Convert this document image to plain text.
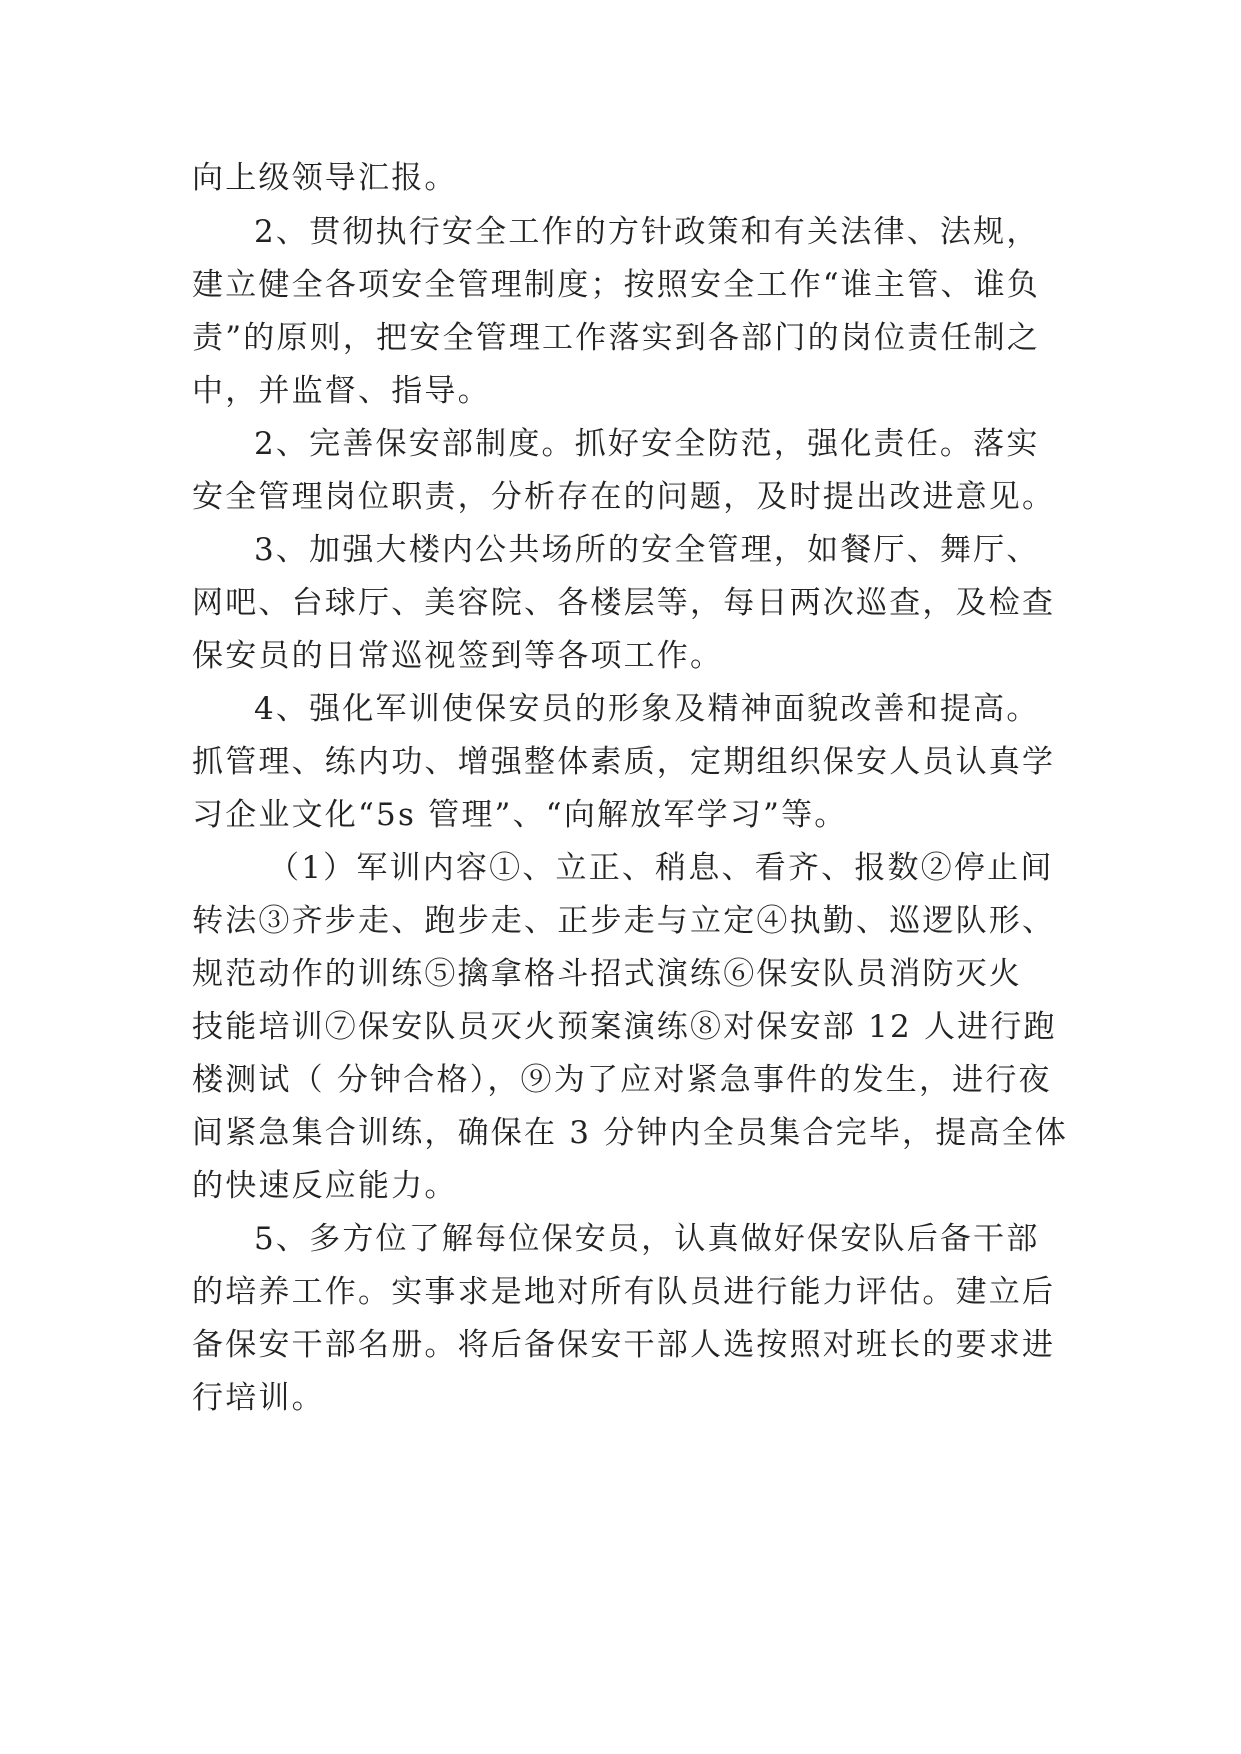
向上级领导汇报。
2、贯彻执行安全工作的方针政策和有关法律、法规，
建立健全各项安全管理制度；按照安全工作“谁主管、谁负
责”的原则，把安全管理工作落实到各部门的岗位责任制之
中，并监督、指导。
2、完善保安部制度。抓好安全防范，强化责任。落实
安全管理岗位职责，分析存在的问题，及时提出改进意见。
3、加强大楼内公共场所的安全管理，如餐厅、舞厅、
网吧、台球厅、美容院、各楼层等，每日两次巡查，及检查
保安员的日常巡视签到等各项工作。
4、强化军训使保安员的形象及精神面貌改善和提高。
抓管理、练内功、增强整体素质，定期组织保安人员认真学
习企业文化“5s 管理”、“向解放军学习”等。
（1）军训内容①、立正、稍息、看齐、报数②停止间
转法③齐步走、跑步走、正步走与立定④执勤、巡逻队形、
规范动作的训练⑤擒拿格斗招式演练⑥保安队员消防灭火
技能培训⑦保安队员灭火预案演练⑧对保安部 12 人进行跑
楼测试（ 分钟合格），⑨为了应对紧急事件的发生，进行夜
间紧急集合训练，确保在 3 分钟内全员集合完毕，提高全体
的快速反应能力。
5、多方位了解每位保安员，认真做好保安队后备干部
的培养工作。实事求是地对所有队员进行能力评估。建立后
备保安干部名册。将后备保安干部人选按照对班长的要求进
行培训。
